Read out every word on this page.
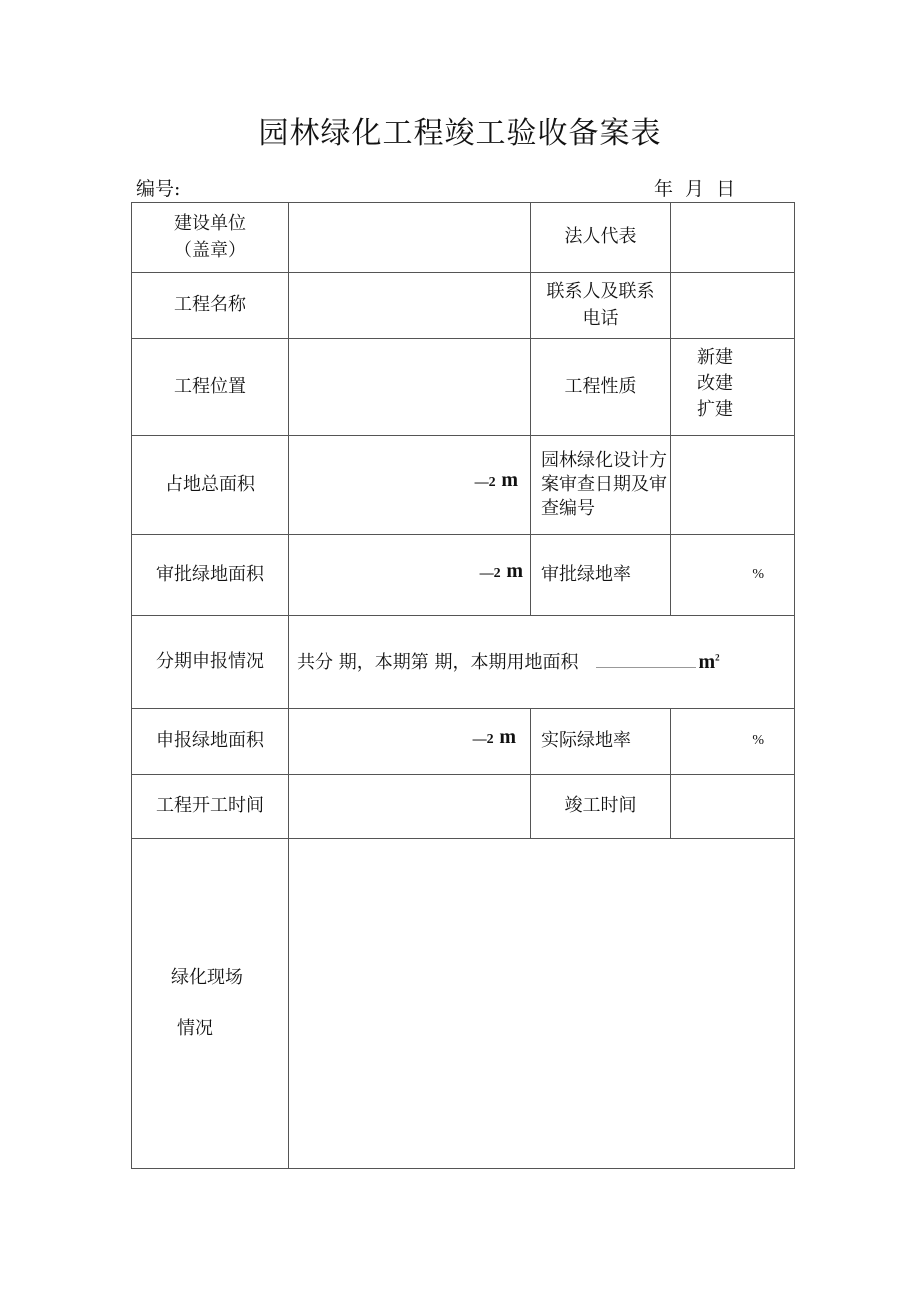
园林绿化工程竣工验收备案表
编号:	年 月 日
建设单位
（盖章）		法人代表	
工程名称		联系人及联系电话	
工程位置		工程性质	新建
改建
扩建

占地总面积	—2 m	园林绿化设计方案审查日期及审查编号	
审批绿地面积	—2 m	审批绿地率	%
分期申报情况	共分 期，本期第 期，本期用地面积 $m^2$
申报绿地面积	—2 m	实际绿地率	%
工程开工时间		竣工时间	

绿化现场
情况			
